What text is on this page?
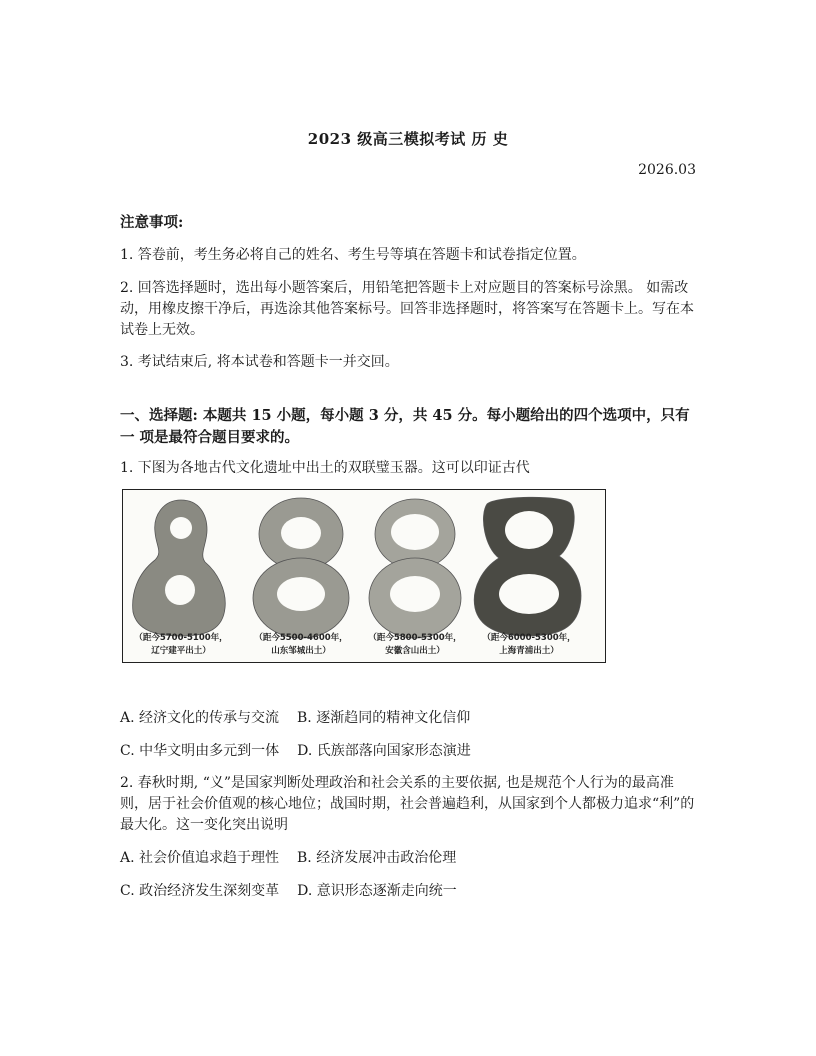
2023 级高三模拟考试 历 史
2026.03
注意事项:
1. 答卷前，考生务必将自己的姓名、考生号等填在答题卡和试卷指定位置。
2. 回答选择题时，选出每小题答案后，用铅笔把答题卡上对应题目的答案标号涂黑。 如需改动，用橡皮擦干净后，再选涂其他答案标号。回答非选择题时，将答案写在答题卡上。写在本试卷上无效。
3. 考试结束后, 将本试卷和答题卡一并交回。
一、选择题: 本题共 15 小题，每小题 3 分，共 45 分。每小题给出的四个选项中，只有一 项是最符合题目要求的。
1. 下图为各地古代文化遗址中出土的双联璧玉器。这可以印证古代
（距今5700-5100年，
辽宁建平出土）
（距今5500-4600年，
山东邹城出土）
（距今5800-5300年，
安徽含山出土）
（距今6000-5300年，
上海青浦出土）
A. 经济文化的传承与交流 B. 逐渐趋同的精神文化信仰
C. 中华文明由多元到一体 D. 氏族部落向国家形态演进
2. 春秋时期, “义”是国家判断处理政治和社会关系的主要依据, 也是规范个人行为的最高准则，居于社会价值观的核心地位；战国时期，社会普遍趋利，从国家到个人都极力追求“利”的最大化。这一变化突出说明
A. 社会价值追求趋于理性 B. 经济发展冲击政治伦理
C. 政治经济发生深刻变革 D. 意识形态逐渐走向统一
